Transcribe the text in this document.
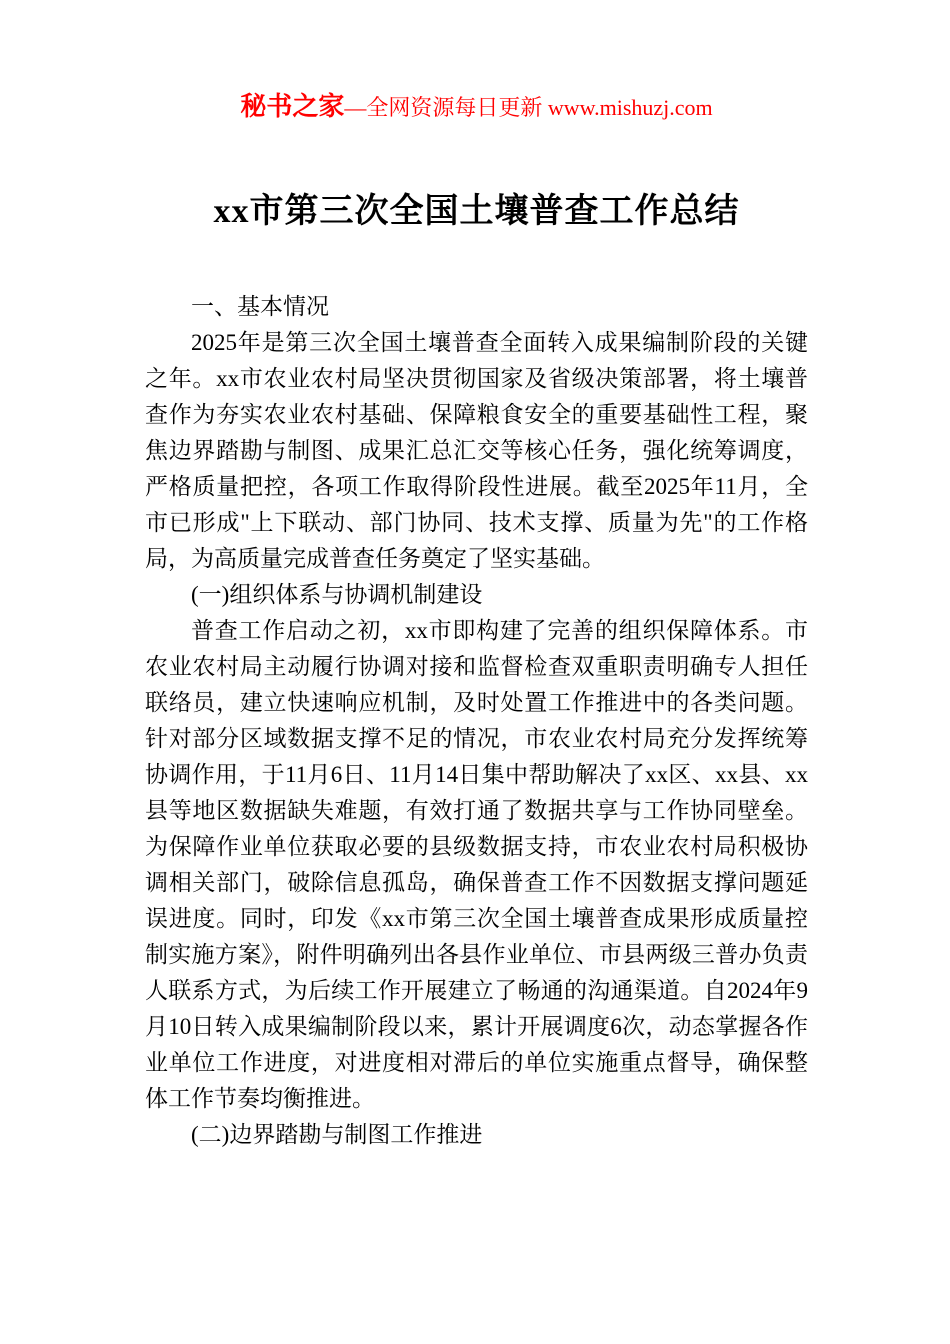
秘书之家—全网资源每日更新 www.mishuzj.com
xx市第三次全国土壤普查工作总结

一、基本情况

2025年是第三次全国土壤普查全面转入成果编制阶段的关键之年。xx市农业农村局坚决贯彻国家及省级决策部署，将土壤普查作为夯实农业农村基础、保障粮食安全的重要基础性工程，聚焦边界踏勘与制图、成果汇总汇交等核心任务，强化统筹调度，严格质量把控，各项工作取得阶段性进展。截至2025年11月，全市已形成"上下联动、部门协同、技术支撑、质量为先"的工作格局，为高质量完成普查任务奠定了坚实基础。

(一)组织体系与协调机制建设

普查工作启动之初，xx市即构建了完善的组织保障体系。市农业农村局主动履行协调对接和监督检查双重职责明确专人担任联络员，建立快速响应机制，及时处置工作推进中的各类问题。针对部分区域数据支撑不足的情况，市农业农村局充分发挥统筹协调作用，于11月6日、11月14日集中帮助解决了xx区、xx县、xx县等地区数据缺失难题，有效打通了数据共享与工作协同壁垒。为保障作业单位获取必要的县级数据支持，市农业农村局积极协调相关部门，破除信息孤岛，确保普查工作不因数据支撑问题延误进度。同时，印发《xx市第三次全国土壤普查成果形成质量控制实施方案》，附件明确列出各县作业单位、市县两级三普办负责人联系方式，为后续工作开展建立了畅通的沟通渠道。自2024年9月10日转入成果编制阶段以来，累计开展调度6次，动态掌握各作业单位工作进度，对进度相对滞后的单位实施重点督导，确保整体工作节奏均衡推进。

(二)边界踏勘与制图工作推进
